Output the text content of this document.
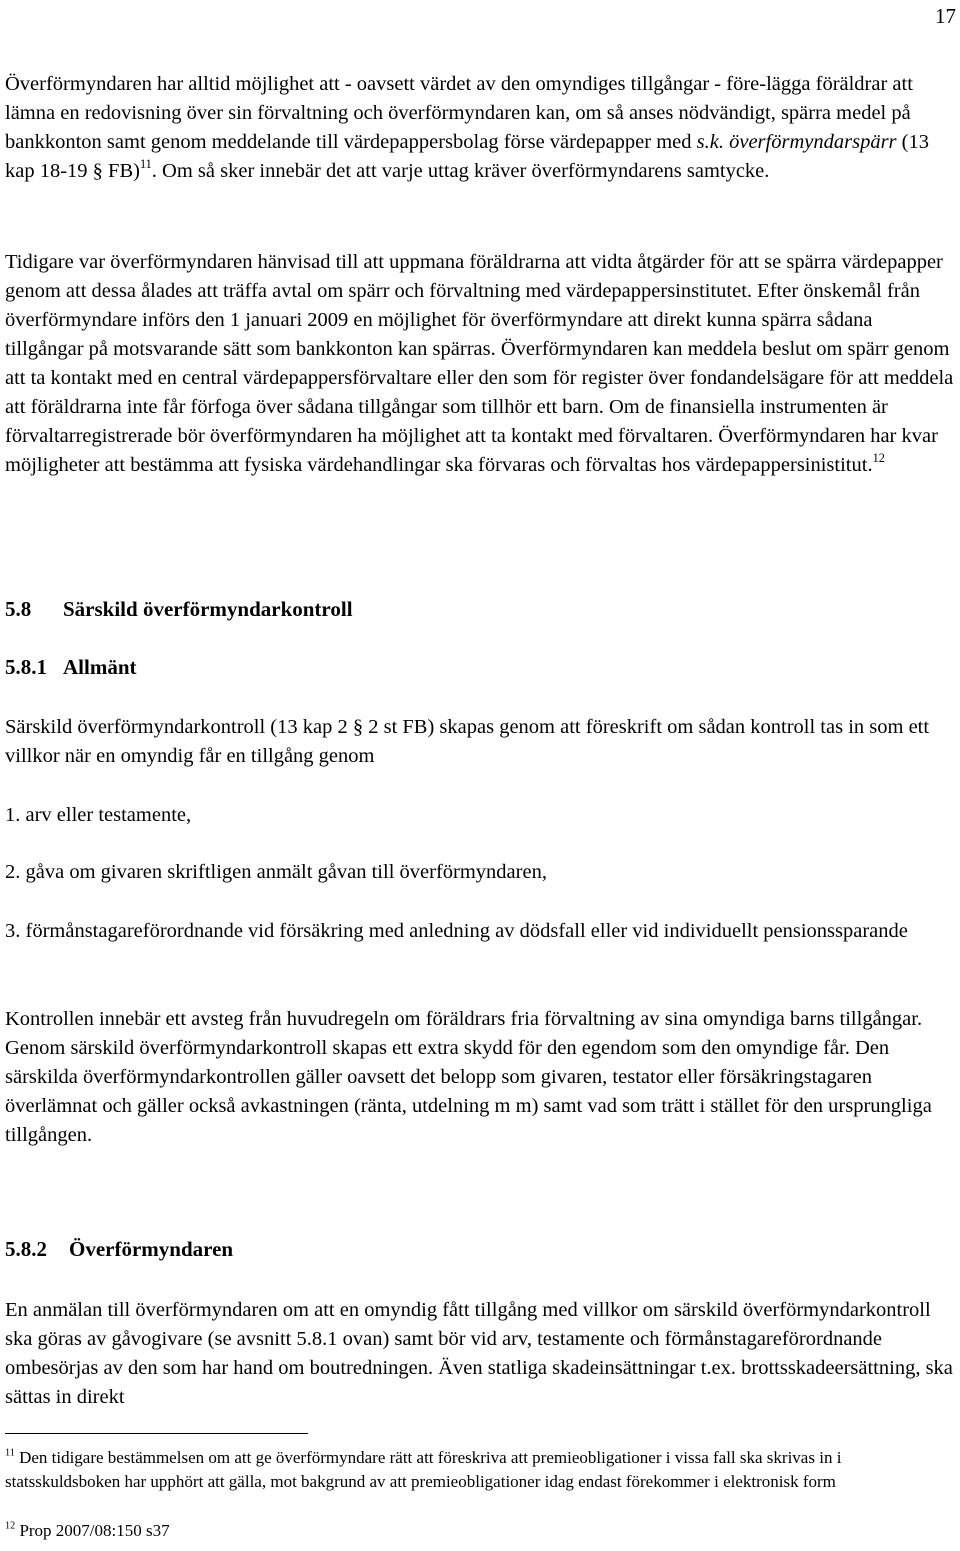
17

Överförmyndaren har alltid möjlighet att - oavsett värdet av den omyndiges tillgångar - före-lägga föräldrar att lämna en redovisning över sin förvaltning och överförmyndaren kan, om så anses nödvändigt, spärra medel på bankkonton samt genom meddelande till värdepappersbolag förse värdepapper med s.k. överförmyndarspärr (13 kap 18-19 § FB)$^{11}$. Om så sker innebär det att varje uttag kräver överförmyndarens samtycke.

Tidigare var överförmyndaren hänvisad till att uppmana föräldrarna att vidta åtgärder för att se spärra värdepapper genom att dessa ålades att träffa avtal om spärr och förvaltning med värdepappersinstitutet. Efter önskemål från överförmyndare införs den 1 januari 2009 en möjlighet för överförmyndare att direkt kunna spärra sådana tillgångar på motsvarande sätt som bankkonton kan spärras. Överförmyndaren kan meddela beslut om spärr genom att ta kontakt med en central värdepappersförvaltare eller den som för register över fondandelsägare för att meddela att föräldrarna inte får förfoga över sådana tillgångar som tillhör ett barn. Om de finansiella instrumenten är förvaltarregistrerade bör överförmyndaren ha möjlighet att ta kontakt med förvaltaren. Överförmyndaren har kvar möjligheter att bestämma att fysiska värdehandlingar ska förvaras och förvaltas hos värdepappersinistitut.$^{12}$

5.8 Särskild överförmyndarkontroll
5.8.1 Allmänt

Särskild överförmyndarkontroll (13 kap 2 § 2 st FB) skapas genom att föreskrift om sådan kontroll tas in som ett villkor när en omyndig får en tillgång genom

1. arv eller testamente,

2. gåva om givaren skriftligen anmält gåvan till överförmyndaren,

3. förmånstagareförordnande vid försäkring med anledning av dödsfall eller vid individuellt pensionssparande

Kontrollen innebär ett avsteg från huvudregeln om föräldrars fria förvaltning av sina omyndiga barns tillgångar. Genom särskild överförmyndarkontroll skapas ett extra skydd för den egendom som den omyndige får. Den särskilda överförmyndarkontrollen gäller oavsett det belopp som givaren, testator eller försäkringstagaren överlämnat och gäller också avkastningen (ränta, utdelning m m) samt vad som trätt i stället för den ursprungliga tillgången.

5.8.2 Överförmyndaren

En anmälan till överförmyndaren om att en omyndig fått tillgång med villkor om särskild överförmyndarkontroll ska göras av gåvogivare (se avsnitt 5.8.1 ovan) samt bör vid arv, testamente och förmånstagareförordnande ombesörjas av den som har hand om boutredningen. Även statliga skadeinsättningar t.ex. brottsskadeersättning, ska sättas in direkt

$^{11}$ Den tidigare bestämmelsen om att ge överförmyndare rätt att föreskriva att premieobligationer i vissa fall ska skrivas in i statsskuldsboken har upphört att gälla, mot bakgrund av att premieobligationer idag endast förekommer i elektronisk form

$^{12}$ Prop 2007/08:150 s37
